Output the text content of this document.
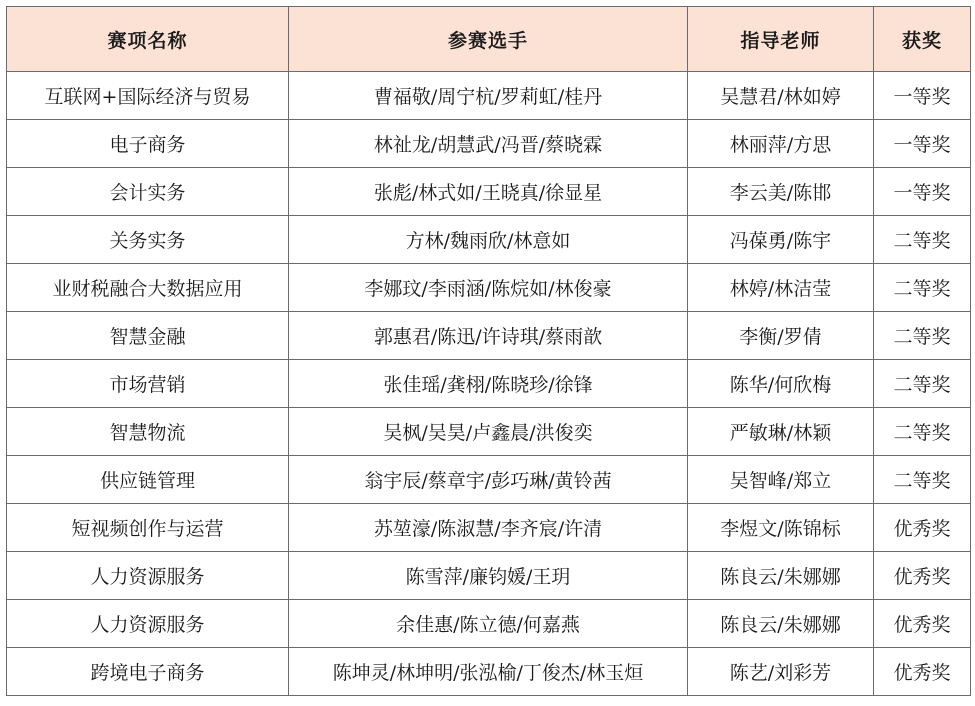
赛项名称	参赛选手	指导老师	获奖
互联网+国际经济与贸易	曹福敬/周宁杭/罗莉虹/桂丹	吴慧君/林如婷	一等奖
电子商务	林祉龙/胡慧武/冯晋/蔡晓霖	林丽萍/方思	一等奖
会计实务	张彪/林式如/王晓真/徐显星	李云美/陈邯	一等奖
关务实务	方林/魏雨欣/林意如	冯葆勇/陈宇	二等奖
业财税融合大数据应用	李娜玟/李雨涵/陈烷如/林俊豪	林婷/林洁莹	二等奖
智慧金融	郭惠君/陈迅/许诗琪/蔡雨歆	李衡/罗倩	二等奖
市场营销	张佳瑶/龚栩/陈晓珍/徐锋	陈华/何欣梅	二等奖
智慧物流	吴枫/吴昊/卢鑫晨/洪俊奕	严敏琳/林颖	二等奖
供应链管理	翁宇辰/蔡章宇/彭巧琳/黄铃茜	吴智峰/郑立	二等奖
短视频创作与运营	苏堃濠/陈淑慧/李齐宸/许清	李煜文/陈锦标	优秀奖
人力资源服务	陈雪萍/廉钧媛/王玥	陈良云/朱娜娜	优秀奖
人力资源服务	余佳惠/陈立德/何嘉燕	陈良云/朱娜娜	优秀奖
跨境电子商务	陈坤灵/林坤明/张泓榆/丁俊杰/林玉烜	陈艺/刘彩芳	优秀奖
